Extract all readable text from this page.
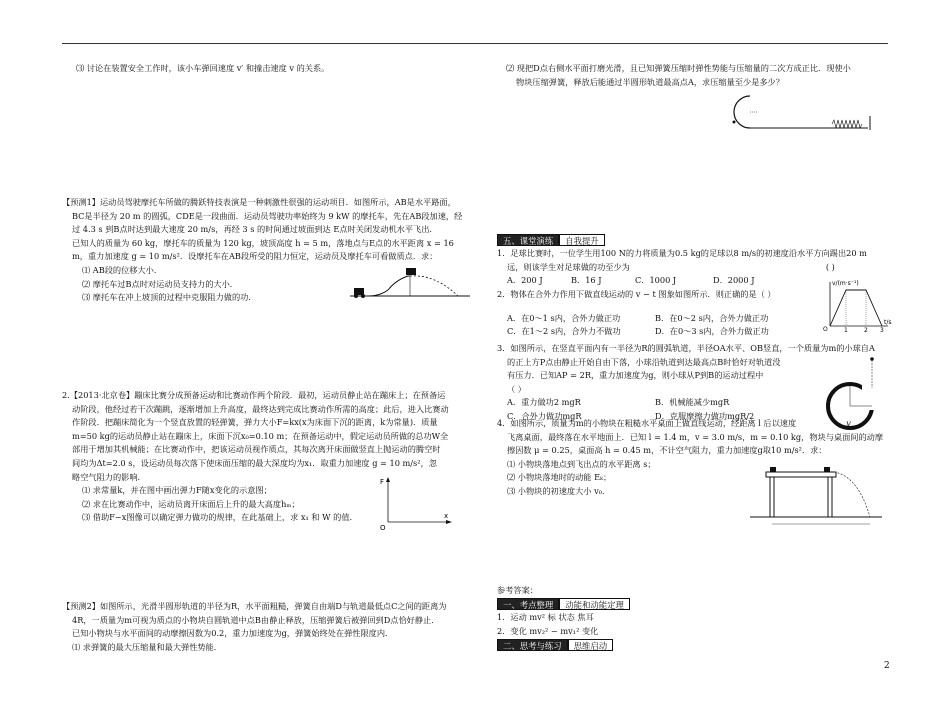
⑶ 讨论在装置安全工作时，该小车弹回速度 v′ 和撞击速度 v 的关系。
【预测1】运动员驾驶摩托车所做的腾跃特技表演是一种刺激性很强的运动项目．如图所示，AB是水平路面，
BC是半径为 20 m 的圆弧，CDE是一段曲面．运动员驾驶功率始终为 9 kW 的摩托车，先在AB段加速，经
过 4.3 s 到B点时达到最大速度 20 m/s，再经 3 s 的时间通过坡面到达 E点时关闭发动机水平飞出．
已知人的质量为 60 kg，摩托车的质量为 120 kg，坡顶高度 h = 5 m，落地点与E点的水平距离 x = 16
m，重力加速度 g = 10 m/s²．设摩托车在AB段所受的阻力恒定，运动员及摩托车可看做质点．求：
⑴ AB段的位移大小．
⑵ 摩托车过B点时对运动员支持力的大小．
⑶ 摩托车在冲上坡顶的过程中克服阻力做的功．
2.【2013·北京卷】蹦床比赛分成预备运动和比赛动作两个阶段．最初，运动员静止站在蹦床上；在预备运
动阶段，他经过若干次蹦跳，逐渐增加上升高度，最终达到完成比赛动作所需的高度；此后，进入比赛动
作阶段．把蹦床简化为一个竖直放置的轻弹簧，弹力大小F=kx(x为床面下沉的距离，k为常量)．质量
m=50 kg的运动员静止站在蹦床上，床面下沉x₀=0.10 m；在预备运动中，假定运动员所做的总功W全
部用于增加其机械能；在比赛动作中，把该运动员视作质点，其每次离开床面做竖直上抛运动的腾空时
间均为Δt=2.0 s，设运动员每次落下使床面压缩的最大深度均为x₁．取重力加速度 g = 10 m/s²，忽
略空气阻力的影响．
⑴ 求常量k，并在图中画出弹力F随x变化的示意图；
⑵ 求在比赛动作中，运动员离开床面后上升的最大高度hₘ；
⑶ 借助F−x图像可以确定弹力做功的规律，在此基础上，求 x₁ 和 W 的值．
F
x
O
【预测2】如图所示，光滑半圆形轨道的半径为R，水平面粗糙，弹簧自由端D与轨道最低点C之间的距离为
4R，一质量为m可视为质点的小物块自圆轨道中点B由静止释放，压缩弹簧后被弹回到D点恰好静止．
已知小物块与水平面间的动摩擦因数为0.2，重力加速度为g，弹簧始终处在弹性限度内．
⑴ 求弹簧的最大压缩量和最大弹性势能．
⑵ 现把D点右侧水平面打磨光滑，且已知弹簧压缩时弹性势能与压缩量的二次方成正比．现使小
物块压缩弹簧，释放后能通过半圆形轨道最高点A，求压缩量至少是多少？
五、课堂演练	自我提升
1．足球比赛时，一位学生用100 N的力将质量为0.5 kg的足球以8 m/s的初速度沿水平方向踢出20 m
远，则该学生对足球做的功至少为	( )
A．200 J	B．16 J	C．1000 J	D．2000 J
2．物体在合外力作用下做直线运动的 v − t 图象如图所示．则正确的是（ ）
A．在0～1 s内，合外力做正功	B．在0～2 s内，合外力做正功
C．在1～2 s内，合外力不做功	D．在0～3 s内，合外力做正功
v/(m·s⁻¹)
O	1	2 3
t/s
3．如图所示，在竖直平面内有一半径为R的圆弧轨道，半径OA水平、OB竖直，一个质量为m的小球自A
的正上方P点由静止开始自由下落，小球沿轨道到达最高点B时恰好对轨道没
有压力．已知AP = 2R，重力加速度为g，则小球从P到B的运动过程中
（ ）
A．重力做功2 mgR	B．机械能减少mgR
C．合外力做功mgR	D．克服摩擦力做功mgR/2
4．如图所示，质量为m的小物块在粗糙水平桌面上做直线运动，经距离 l 后以速度	v
飞离桌面，最终落在水平地面上．已知 l = 1.4 m，v = 3.0 m/s，m = 0.10 kg，物块与桌面间的动摩
擦因数 μ = 0.25，桌面高 h = 0.45 m，不计空气阻力，重力加速度g取10 m/s²．求：
⑴ 小物块落地点到飞出点的水平距离 s；
⑵ 小物块落地时的动能 Eₖ；
⑶ 小物块的初速度大小 v₀．
参考答案：
一、考点整理	动能和动能定理
1．运动 mv² 标 状态 焦耳
2．变化 mv₂² − mv₁² 变化
二、思考与练习	思维启动
2
